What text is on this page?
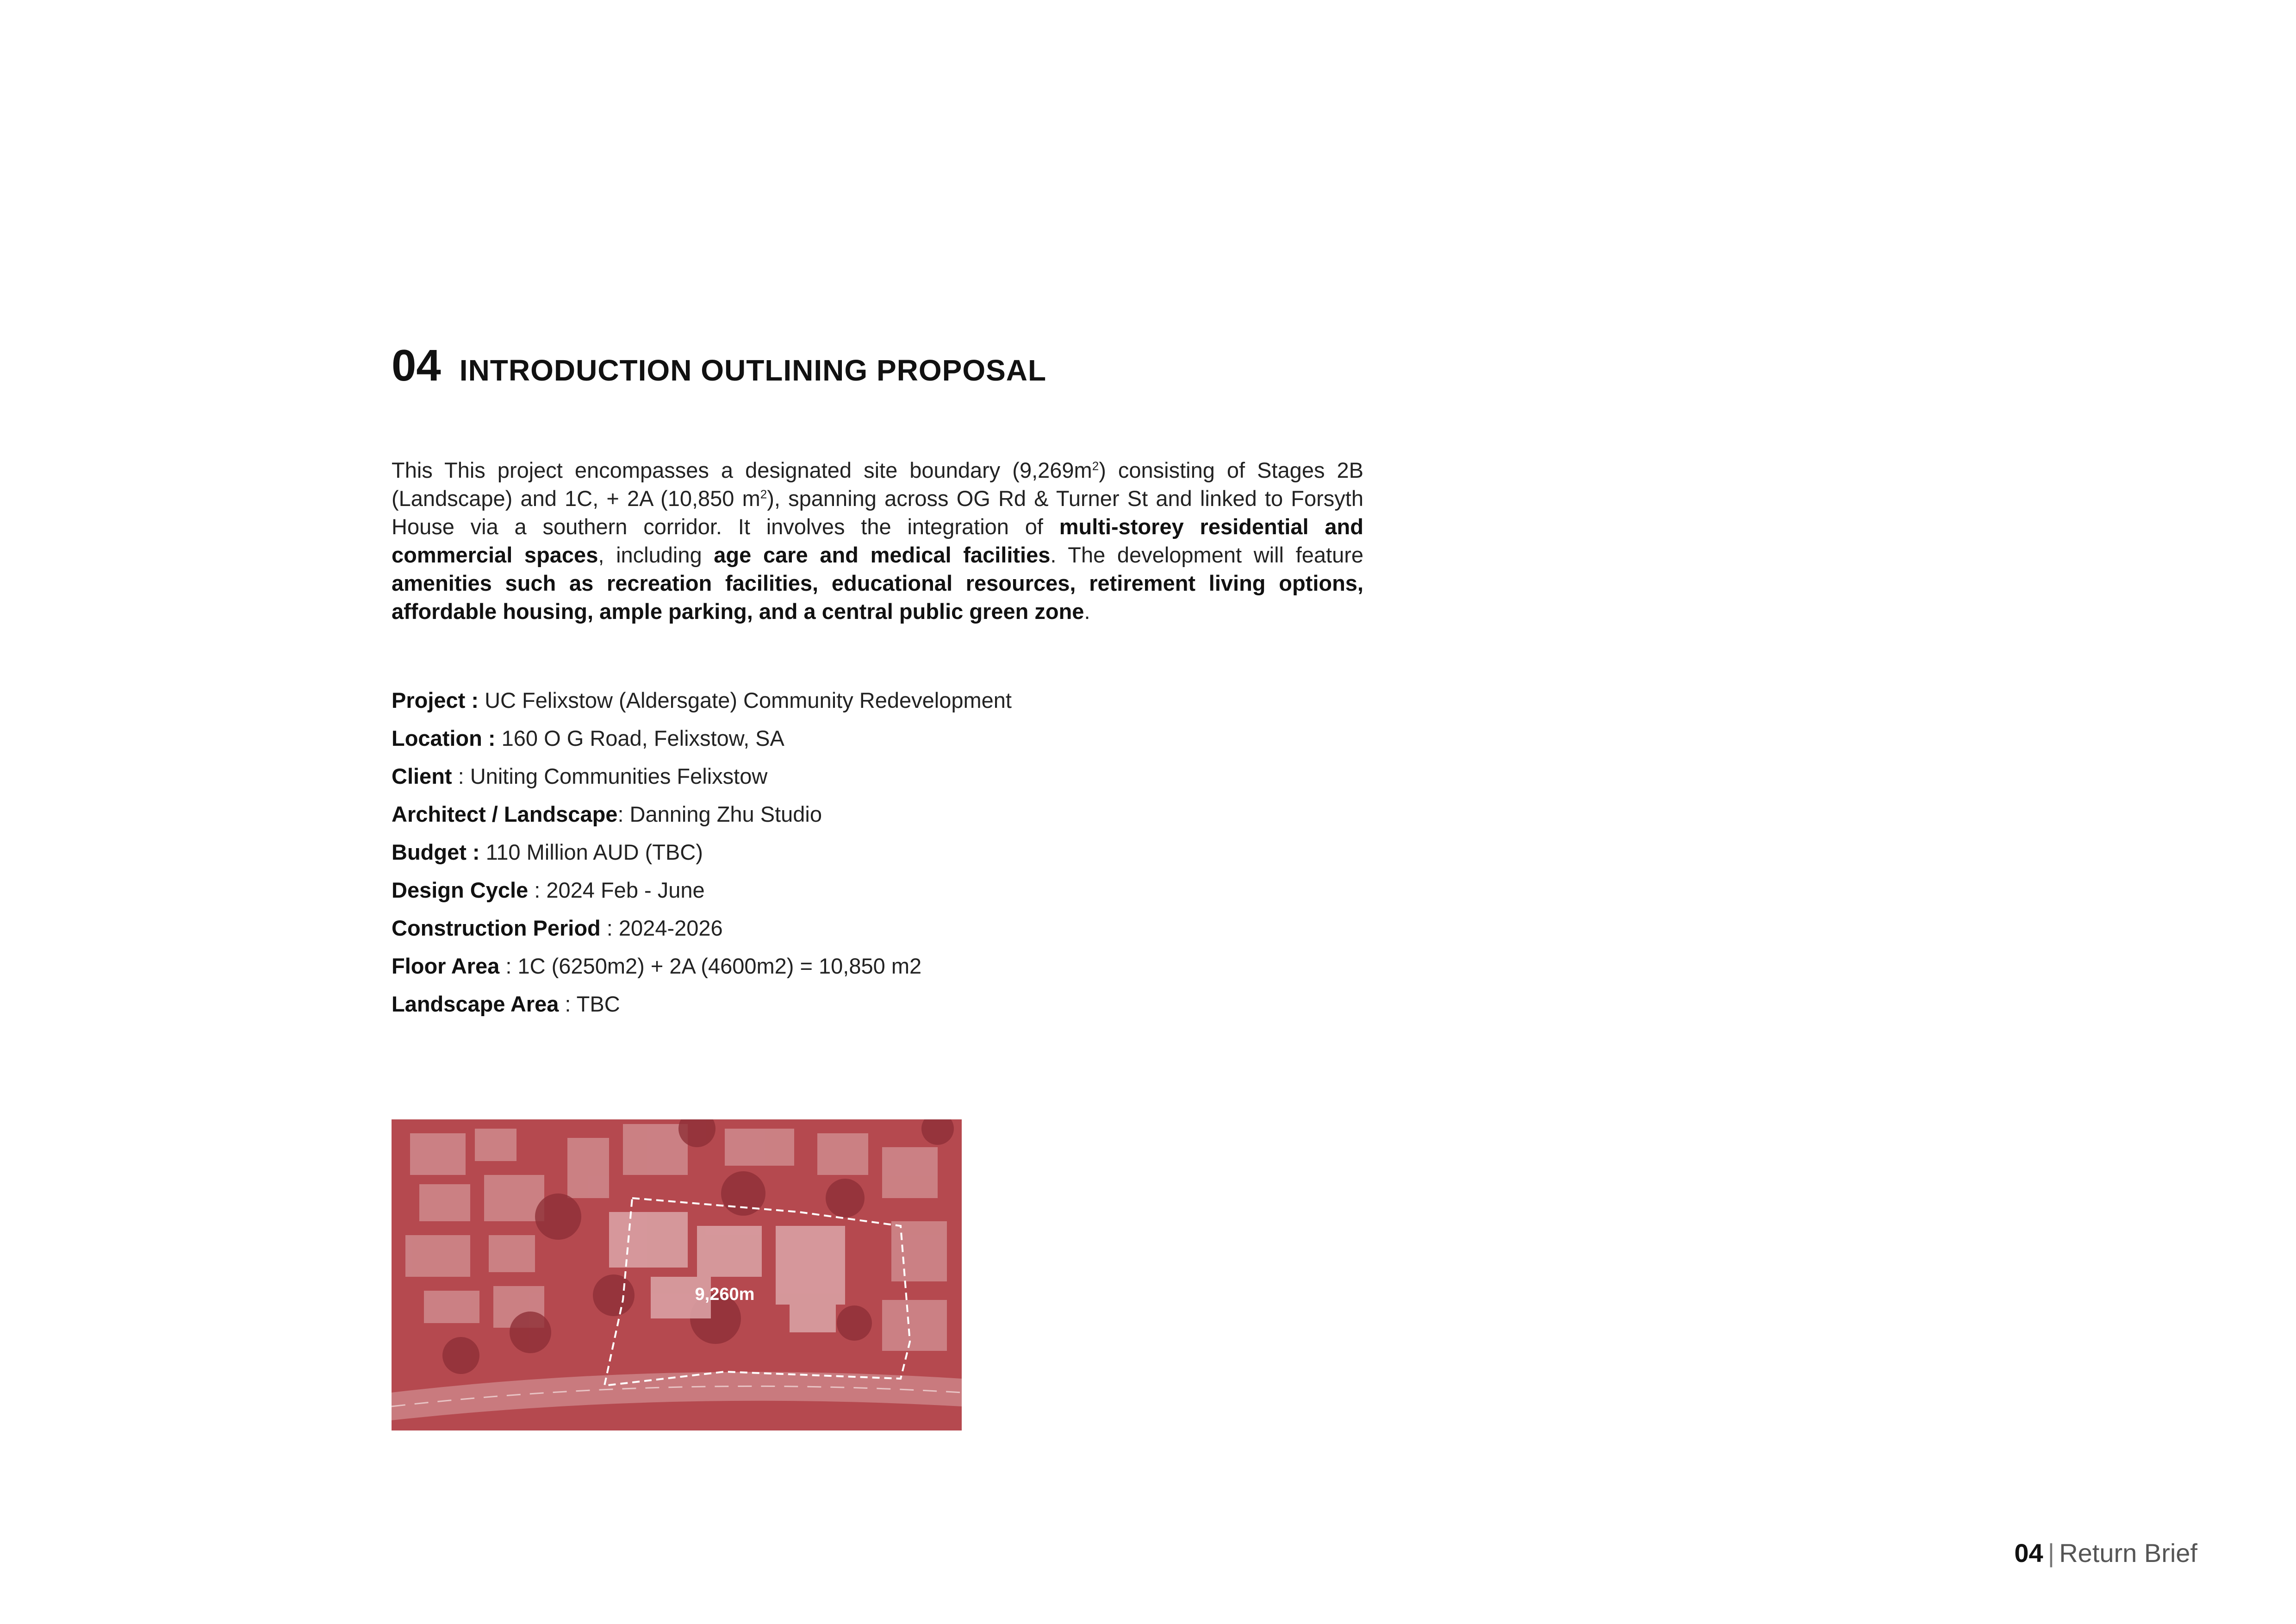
04 INTRODUCTION OUTLINING PROPOSAL

This This project encompasses a designated site boundary $(9,269m^2)$ consisting of Stages 2B (Landscape) and 1C, + 2A (10,850 $m^2$), spanning across OG Rd & Turner St and linked to Forsyth House via a southern corridor. It involves the integration of multi-storey residential and commercial spaces, including age care and medical facilities. The development will feature amenities such as recreation facilities, educational resources, retirement living options, affordable housing, ample parking, and a central public green zone.

Project : UC Felixstow (Aldersgate) Community Redevelopment
Location : 160 O G Road, Felixstow, SA
Client : Uniting Communities Felixstow
Architect / Landscape: Danning Zhu Studio
Budget : 110 Million AUD (TBC)
Design Cycle : 2024 Feb - June
Construction Period : 2024-2026
Floor Area : 1C (6250m2) + 2A (4600m2) = 10,850 m2
Landscape Area : TBC
9,260m
04 | Return Brief
